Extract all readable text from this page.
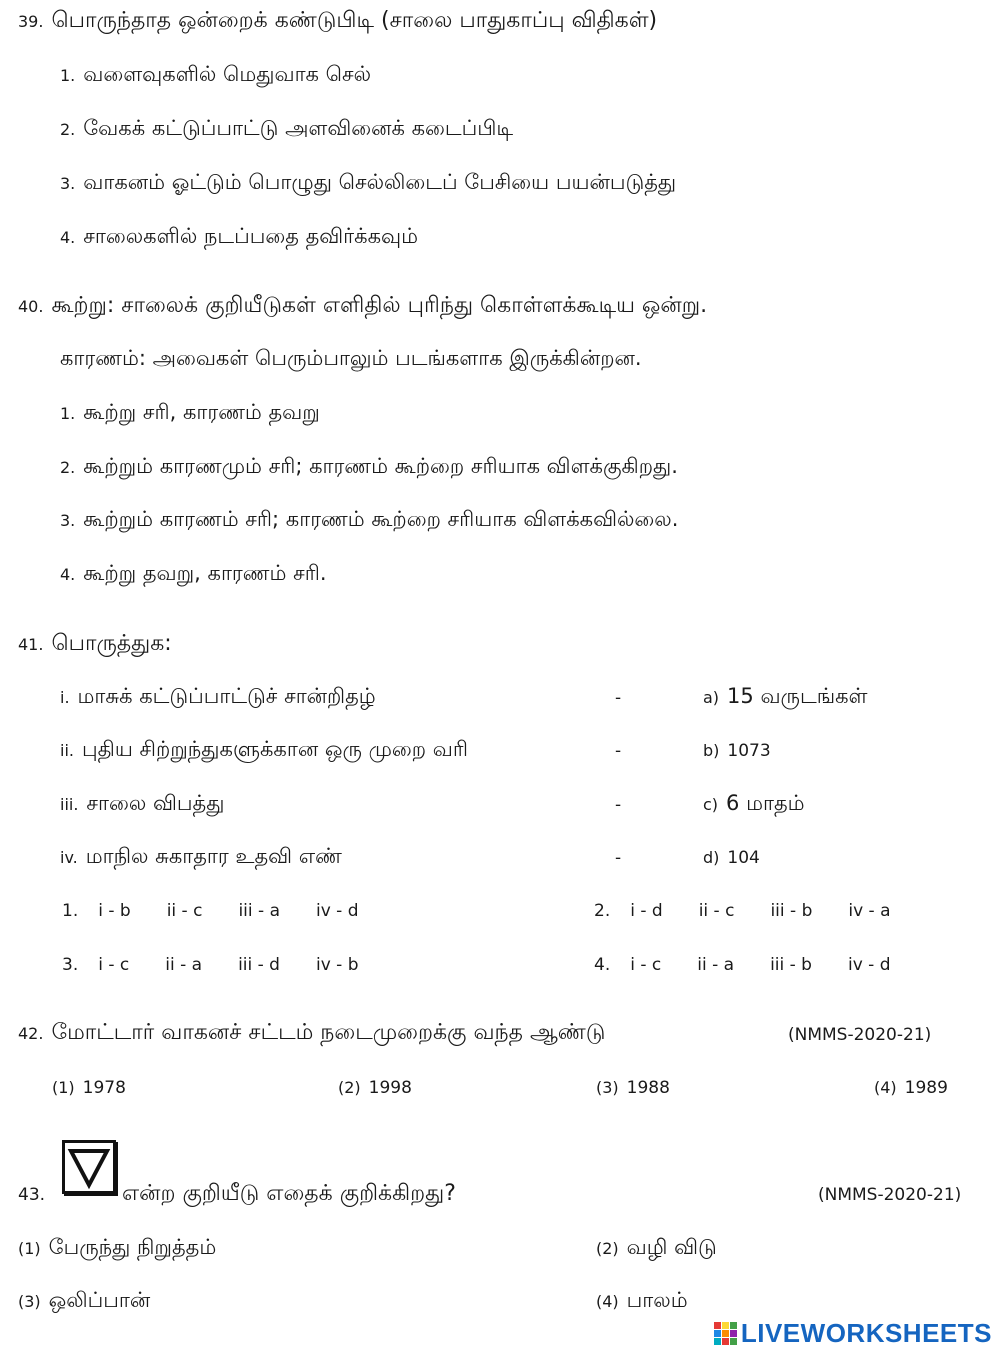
39. பொருந்தாத ஒன்றைக் கண்டுபிடி (சாலை பாதுகாப்பு விதிகள்)
1. வளைவுகளில் மெதுவாக செல்
2. வேகக் கட்டுப்பாட்டு அளவினைக் கடைப்பிடி
3. வாகனம் ஓட்டும் பொழுது செல்லிடைப் பேசியை பயன்படுத்து
4. சாலைகளில் நடப்பதை தவிர்க்கவும்
40. கூற்று: சாலைக் குறியீடுகள் எளிதில் புரிந்து கொள்ளக்கூடிய ஒன்று.
காரணம்: அவைகள் பெரும்பாலும் படங்களாக இருக்கின்றன.
1. கூற்று சரி, காரணம் தவறு
2. கூற்றும் காரணமும் சரி; காரணம் கூற்றை சரியாக விளக்குகிறது.
3. கூற்றும் காரணம் சரி; காரணம் கூற்றை சரியாக விளக்கவில்லை.
4. கூற்று தவறு, காரணம் சரி.
41. பொருத்துக:
i. மாசுக் கட்டுப்பாட்டுச் சான்றிதழ்	-	a) 15 வருடங்கள்
ii. புதிய சிற்றுந்துகளுக்கான ஒரு முறை வரி	-	b) 1073
iii. சாலை விபத்து	-	c) 6 மாதம்
iv. மாநில சுகாதார உதவி எண்	-	d) 104
1. i - b ii - c iii - a iv - d	2. i - d ii - c iii - b iv - a
3. i - c ii - a iii - d iv - b	4. i - c ii - a iii - b iv - d
42. மோட்டார் வாகனச் சட்டம் நடைமுறைக்கு வந்த ஆண்டு	(NMMS-2020-21)
(1) 1978	(2) 1998	(3) 1988	(4) 1989
43.	என்ற குறியீடு எதைக் குறிக்கிறது?	(NMMS-2020-21)
(1) பேருந்து நிறுத்தம்	(2) வழி விடு
(3) ஒலிப்பான்	(4) பாலம்
LIVEWORKSHEETS
